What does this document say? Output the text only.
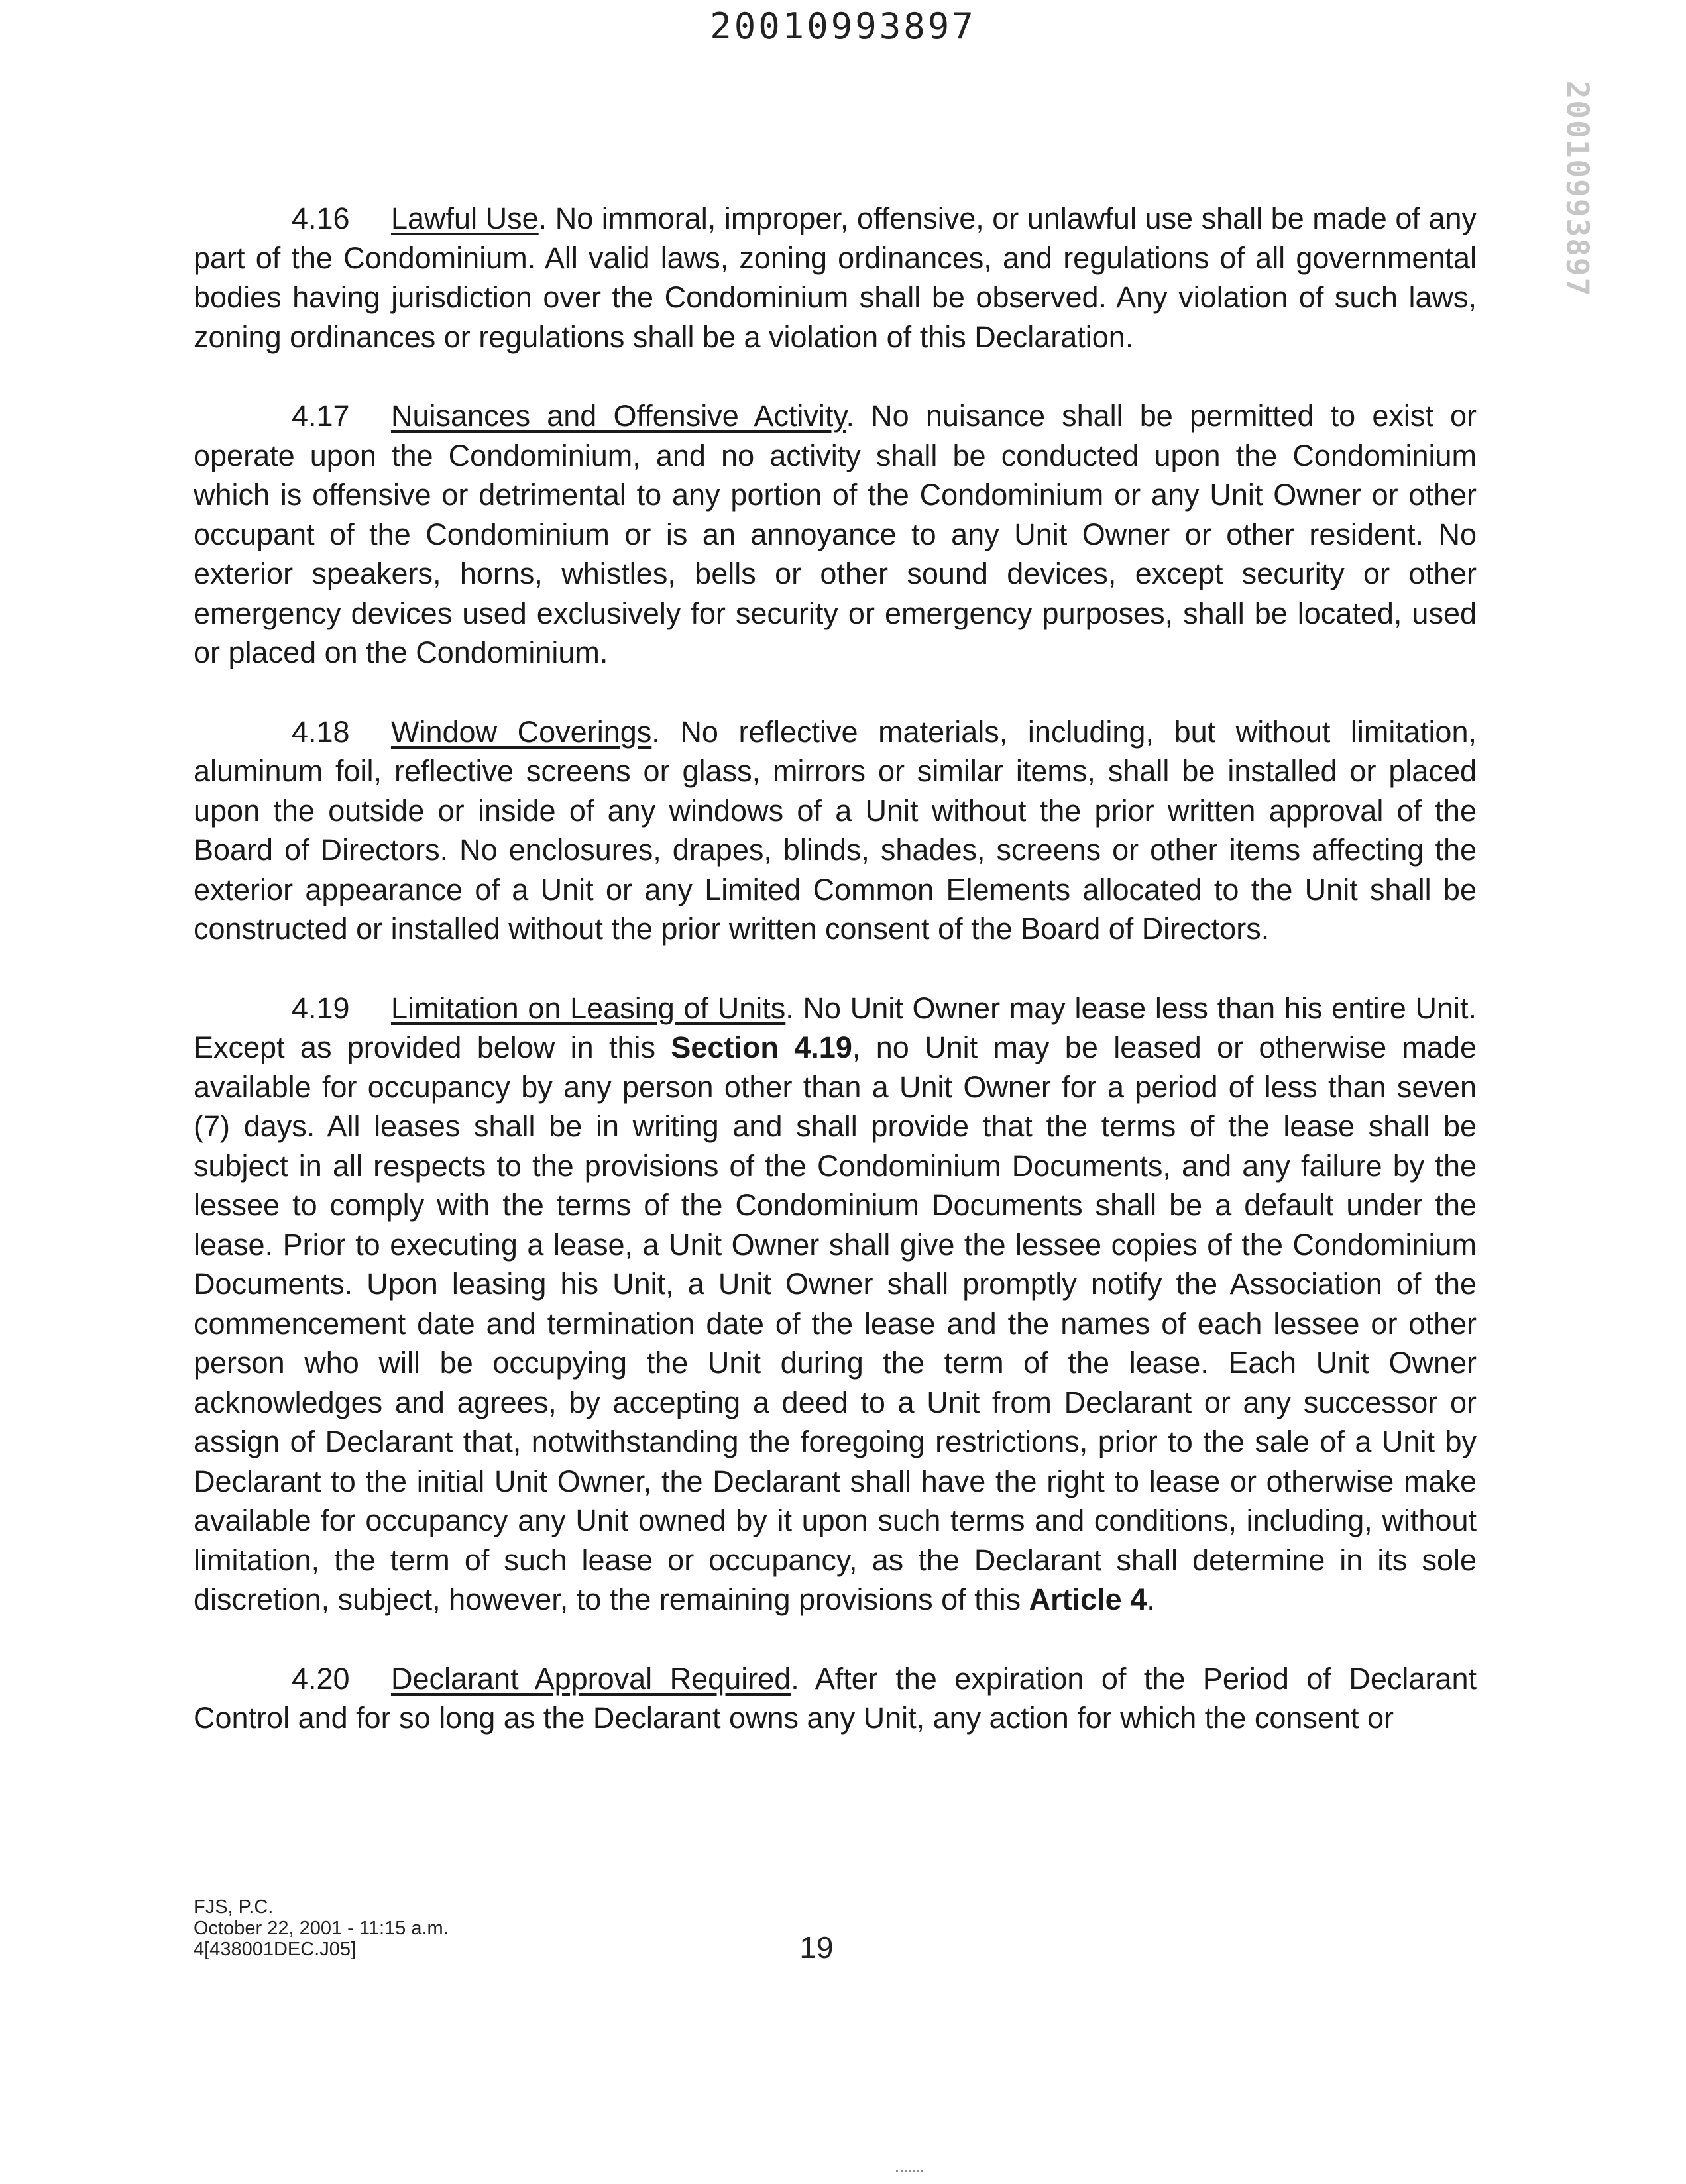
20010993897
20010993897

4.16 Lawful Use. No immoral, improper, offensive, or unlawful use shall be made of any part of the Condominium. All valid laws, zoning ordinances, and regulations of all governmental bodies having jurisdiction over the Condominium shall be observed. Any violation of such laws, zoning ordinances or regulations shall be a violation of this Declaration.

4.17 Nuisances and Offensive Activity. No nuisance shall be permitted to exist or operate upon the Condominium, and no activity shall be conducted upon the Condominium which is offensive or detrimental to any portion of the Condominium or any Unit Owner or other occupant of the Condominium or is an annoyance to any Unit Owner or other resident. No exterior speakers, horns, whistles, bells or other sound devices, except security or other emergency devices used exclusively for security or emergency purposes, shall be located, used or placed on the Condominium.

4.18 Window Coverings. No reflective materials, including, but without limitation, aluminum foil, reflective screens or glass, mirrors or similar items, shall be installed or placed upon the outside or inside of any windows of a Unit without the prior written approval of the Board of Directors. No enclosures, drapes, blinds, shades, screens or other items affecting the exterior appearance of a Unit or any Limited Common Elements allocated to the Unit shall be constructed or installed without the prior written consent of the Board of Directors.

4.19 Limitation on Leasing of Units. No Unit Owner may lease less than his entire Unit. Except as provided below in this Section 4.19, no Unit may be leased or otherwise made available for occupancy by any person other than a Unit Owner for a period of less than seven (7) days. All leases shall be in writing and shall provide that the terms of the lease shall be subject in all respects to the provisions of the Condominium Documents, and any failure by the lessee to comply with the terms of the Condominium Documents shall be a default under the lease. Prior to executing a lease, a Unit Owner shall give the lessee copies of the Condominium Documents. Upon leasing his Unit, a Unit Owner shall promptly notify the Association of the commencement date and termination date of the lease and the names of each lessee or other person who will be occupying the Unit during the term of the lease. Each Unit Owner acknowledges and agrees, by accepting a deed to a Unit from Declarant or any successor or assign of Declarant that, notwithstanding the foregoing restrictions, prior to the sale of a Unit by Declarant to the initial Unit Owner, the Declarant shall have the right to lease or otherwise make available for occupancy any Unit owned by it upon such terms and conditions, including, without limitation, the term of such lease or occupancy, as the Declarant shall determine in its sole discretion, subject, however, to the remaining provisions of this Article 4.

4.20 Declarant Approval Required. After the expiration of the Period of Declarant Control and for so long as the Declarant owns any Unit, any action for which the consent or

FJS, P.C.
October 22, 2001 - 11:15 a.m.
4[438001DEC.J05]	19
